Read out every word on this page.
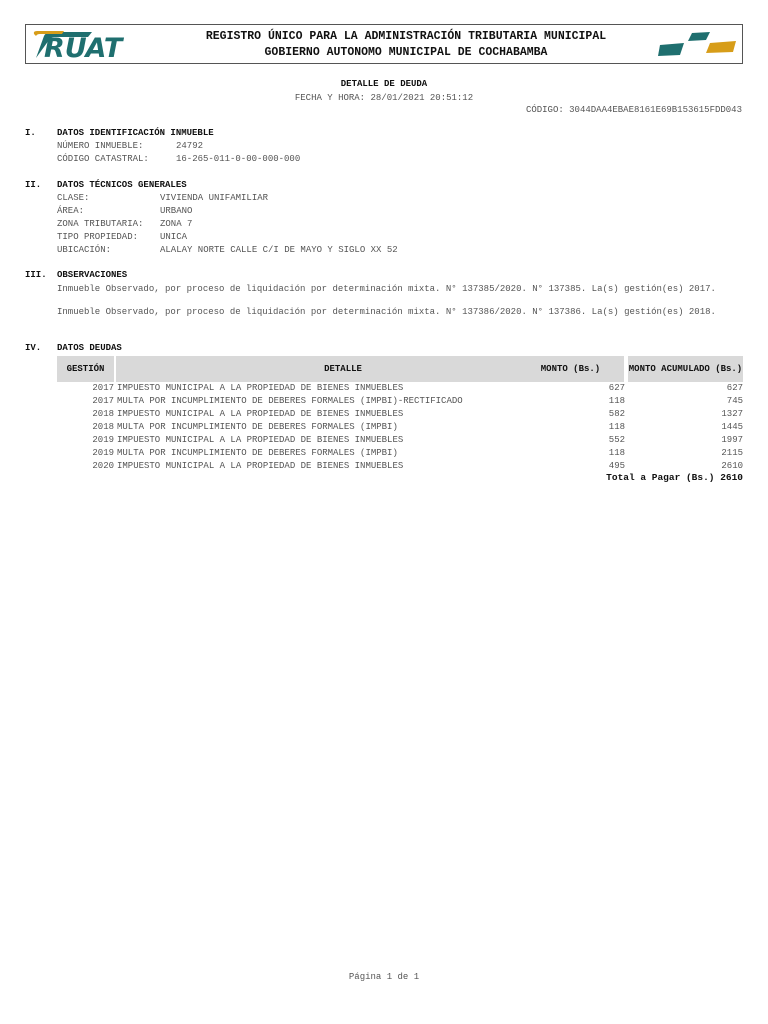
RUAT	REGISTRO ÚNICO PARA LA ADMINISTRACIÓN TRIBUTARIA MUNICIPAL
GOBIERNO AUTONOMO MUNICIPAL DE COCHABAMBA
DETALLE DE DEUDA
FECHA Y HORA: 28/01/2021 20:51:12
CÓDIGO: 3044DAA4EBAE8161E69B153615FDD043
I. DATOS IDENTIFICACIÓN INMUEBLE
NÚMERO INMUEBLE:	24792
CÓDIGO CATASTRAL:	16-265-011-0-00-000-000
II. DATOS TÉCNICOS GENERALES
CLASE:	VIVIENDA UNIFAMILIAR
ÁREA:	URBANO
ZONA TRIBUTARIA: ZONA 7
TIPO PROPIEDAD: UNICA
UBICACIÓN:	ALALAY NORTE CALLE C/I DE MAYO Y SIGLO XX 52
III. OBSERVACIONES
Inmueble Observado, por proceso de liquidación por determinación mixta. N° 137385/2020. N° 137385. La(s) gestión(es) 2017.
Inmueble Observado, por proceso de liquidación por determinación mixta. N° 137386/2020. N° 137386. La(s) gestión(es) 2018.
IV. DATOS DEUDAS
GESTIÓN	DETALLE	MONTO (Bs.)	MONTO ACUMULADO (Bs.)
2017 IMPUESTO MUNICIPAL A LA PROPIEDAD DE BIENES INMUEBLES	627	627
2017 MULTA POR INCUMPLIMIENTO DE DEBERES FORMALES (IMPBI)-RECTIFICADO	118	745
2018 IMPUESTO MUNICIPAL A LA PROPIEDAD DE BIENES INMUEBLES	582	1327
2018 MULTA POR INCUMPLIMIENTO DE DEBERES FORMALES (IMPBI)	118	1445
2019 IMPUESTO MUNICIPAL A LA PROPIEDAD DE BIENES INMUEBLES	552	1997
2019 MULTA POR INCUMPLIMIENTO DE DEBERES FORMALES (IMPBI)	118	2115
2020 IMPUESTO MUNICIPAL A LA PROPIEDAD DE BIENES INMUEBLES	495	2610
Total a Pagar (Bs.) 2610
Página 1 de 1
